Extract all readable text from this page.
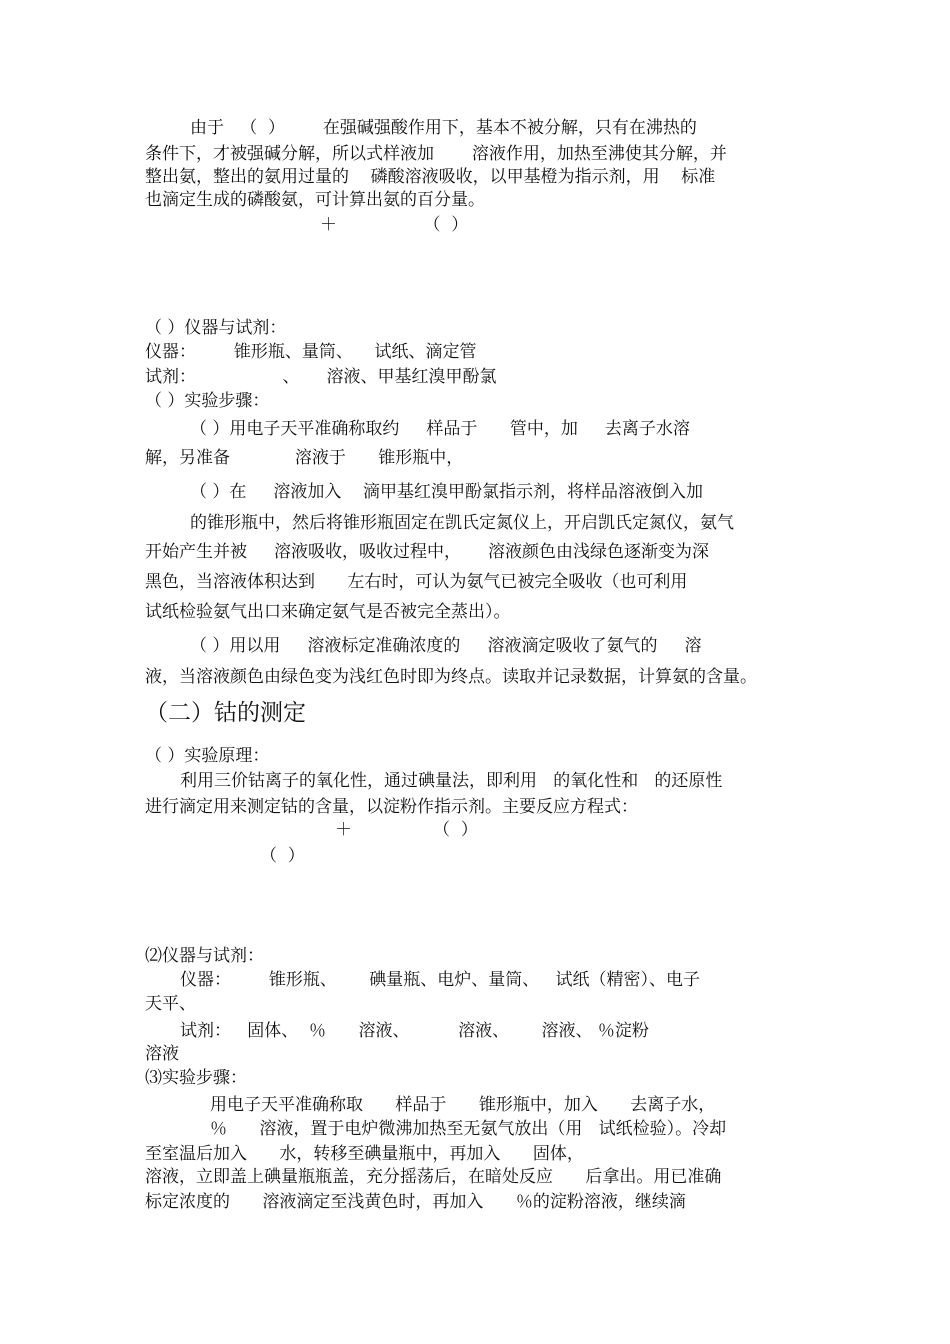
由于   （  ）       在强碱强酸作用下，基本不被分解，只有在沸热的
条件下，才被强碱分解，所以式样液加       溶液作用，加热至沸使其分解，并
整出氨，整出的氨用过量的    磷酸溶液吸收，以甲基橙为指示剂，用    标准
也滴定生成的磷酸氨，可计算出氨的百分量。
＋                （  ）
（ ）仪器与试剂：
仪器：       锥形瓶、量筒、    试纸、滴定管
试剂：                、     溶液、甲基红溴甲酚氯
（ ）实验步骤：
（ ）用电子天平准确称取约     样品于      管中，加     去离子水溶
解，另准备            溶液于      锥形瓶中，
（ ）在     溶液加入    滴甲基红溴甲酚氯指示剂，将样品溶液倒入加
的锥形瓶中，然后将锥形瓶固定在凯氏定氮仪上，开启凯氏定氮仪，氨气
开始产生并被     溶液吸收，吸收过程中，     溶液颜色由浅绿色逐渐变为深
黑色，当溶液体积达到      左右时，可认为氨气已被完全吸收（也可利用
试纸检验氨气出口来确定氨气是否被完全蒸出）。
（ ）用以用     溶液标定准确浓度的     溶液滴定吸收了氨气的     溶
液，当溶液颜色由绿色变为浅红色时即为终点。读取并记录数据，计算氨的含量。
（二）钴的测定
（ ）实验原理：
利用三价钴离子的氧化性，通过碘量法，即利用   的氧化性和   的还原性
进行滴定用来测定钴的含量，以淀粉作指示剂。主要反应方程式：
＋               （  ）
（  ）
⑵仪器与试剂：
仪器：       锥形瓶、      碘量瓶、电炉、量筒、   试纸（精密）、电子
天平、
试剂：   固体、  ％      溶液、         溶液、      溶液、 ％淀粉
溶液
⑶实验步骤：
用电子天平准确称取      样品于      锥形瓶中，加入      去离子水，
％      溶液，置于电炉微沸加热至无氨气放出（用   试纸检验）。冷却
至室温后加入      水，转移至碘量瓶中，再加入      固体，
溶液，立即盖上碘量瓶瓶盖，充分摇荡后，在暗处反应      后拿出。用已准确
标定浓度的      溶液滴定至浅黄色时，再加入      ％的淀粉溶液，继续滴
